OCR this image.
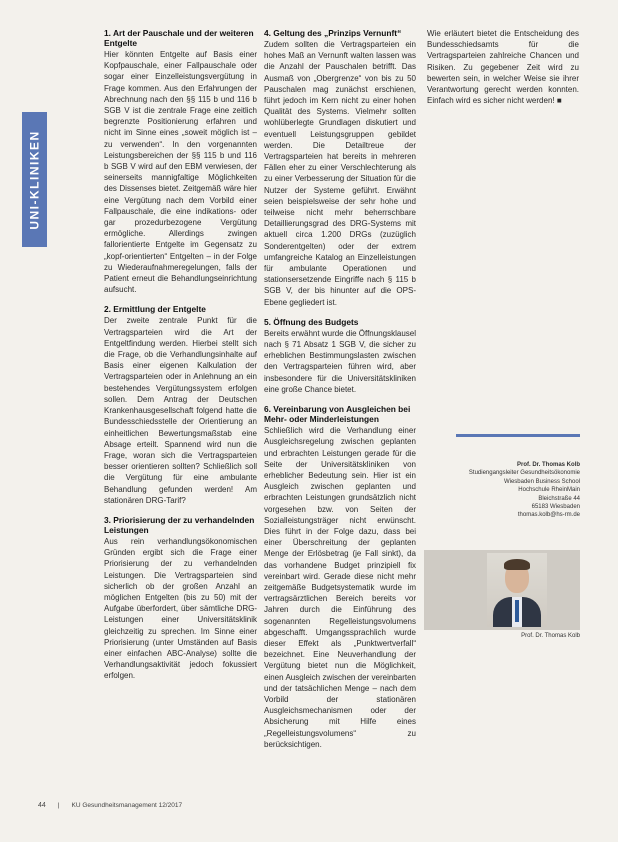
UNI-KLINIKEN
1. Art der Pauschale und der weiteren Entgelte

Hier könnten Entgelte auf Basis einer Kopfpauschale, einer Fallpauschale oder sogar einer Einzelleistungsvergütung in Frage kommen. Aus den Erfahrungen der Abrechnung nach den §§ 115 b und 116 b SGB V ist die zentrale Frage eine zeitlich begrenzte Positionierung erfahren und nicht im Sinne eines „soweit möglich ist – zu verwenden“. In den vorgenannten Leistungsbereichen der §§ 115 b und 116 b SGB V wird auf den EBM verwiesen, der seinerseits mannigfaltige Möglichkeiten des Dissenses bietet. Zeitgemäß wäre hier eine Vergütung nach dem Vorbild einer Fallpauschale, die eine indikations- oder gar prozedurbezogene Vergütung ermögliche. Allerdings zwingen fallorientierte Entgelte im Gegensatz zu „kopf-orientierten“ Entgelten – in der Folge zu Wiederaufnahmeregelungen, falls der Patient erneut die Behandlungseinrichtung aufsucht.

2. Ermittlung der Entgelte

Der zweite zentrale Punkt für die Vertragsparteien wird die Art der Entgeltfindung werden. Hierbei stellt sich die Frage, ob die Verhandlungsinhalte auf Basis einer eigenen Kalkulation der Vertragsparteien oder in Anlehnung an ein bestehendes Vergütungssystem erfolgen sollen. Dem Antrag der Deutschen Krankenhausgesellschaft folgend hatte die Bundesschiedsstelle der Orientierung an einheitlichen Bewertungsmaßstab eine Absage erteilt. Spannend wird nun die Frage, woran sich die Vertragsparteien besser orientieren sollten? Schließlich soll die Vergütung für eine ambulante Behandlung gefunden werden! Am stationären DRG-Tarif?

3. Priorisierung der zu verhandelnden Leistungen

Aus rein verhandlungsökonomischen Gründen ergibt sich die Frage einer Priorisierung der zu verhandelnden Leistungen. Die Vertragsparteien sind sicherlich ob der großen Anzahl an möglichen Entgelten (bis zu 50) mit der Aufgabe überfordert, über sämtliche DRG-Leistungen einer Universitätsklinik gleichzeitig zu sprechen. Im Sinne einer Priorisierung (unter Umständen auf Basis einer einfachen ABC-Analyse) sollte die Verhandlungsaktivität jedoch fokussiert erfolgen.

4. Geltung des „Prinzips Vernunft“

Zudem sollten die Vertragsparteien ein hohes Maß an Vernunft walten lassen was die Anzahl der Pauschalen betrifft. Das Ausmaß von „Obergrenze“ von bis zu 50 Pauschalen mag zunächst erschienen, führt jedoch im Kern nicht zu einer hohen Qualität des Systems. Vielmehr sollten wohlüberlegte Grundlagen diskutiert und eventuell Leistungsgruppen gebildet werden. Die Detailtreue der Vertragsparteien hat bereits in mehreren Fällen eher zu einer Verschlechterung als zu einer Verbesserung der Situation für die Nutzer der Systeme geführt. Erwähnt seien beispielsweise der sehr hohe und teilweise nicht mehr beherrschbare Detaillierungsgrad des DRG-Systems mit aktuell circa 1.200 DRGs (zuzüglich Sonderentgelten) oder der extrem umfangreiche Katalog an Einzelleistungen für ambulante Operationen und stationsersetzende Eingriffe nach § 115 b SGB V, der bis hinunter auf die OPS-Ebene gegliedert ist.

5. Öffnung des Budgets

Bereits erwähnt wurde die Öffnungsklausel nach § 71 Absatz 1 SGB V, die sicher zu erheblichen Bestimmungslasten zwischen den Vertragsparteien führen wird, aber insbesondere für die Universitätskliniken eine große Chance bietet.

6. Vereinbarung von Ausgleichen bei Mehr- oder Minderleistungen

Schließlich wird die Verhandlung einer Ausgleichsregelung zwischen geplanten und erbrachten Leistungen gerade für die Seite der Universitätskliniken von erheblicher Bedeutung sein. Hier ist ein Ausgleich zwischen geplanten und erbrachten Leistungen grundsätzlich nicht vorgesehen bzw. von Seiten der Sozialleistungsträger nicht erwünscht. Dies führt in der Folge dazu, dass bei einer Überschreitung der geplanten Menge der Erlösbetrag (je Fall sinkt), da das vorhandene Budget prinzipiell fix vereinbart wird. Gerade diese nicht mehr zeitgemäße Budgetsystematik wurde im vertragsärztlichen Bereich bereits vor Jahren durch die Einführung des sogenannten Regelleistungsvolumens abgeschafft. Umgangssprachlich wurde dieser Effekt als „Punktwertverfall“ bezeichnet. Eine Neuverhandlung der Vergütung bietet nun die Möglichkeit, einen Ausgleich zwischen der vereinbarten und der tatsächlichen Menge – nach dem Vorbild der stationären Ausgleichsmechanismen oder der Absicherung mit Hilfe eines „Regelleistungsvolumens“ zu berücksichtigen.

Wie erläutert bietet die Entscheidung des Bundesschiedsamts für die Vertragsparteien zahlreiche Chancen und Risiken. Zu gegebener Zeit wird zu bewerten sein, in welcher Weise sie ihrer Verantwortung gerecht werden konnten. Einfach wird es sicher nicht werden! ■

Prof. Dr. Thomas Kolb
Studiengangsleiter Gesundheitsökonomie
Wiesbaden Business School
Hochschule RheinMain
Bleichstraße 44
65183 Wiesbaden
thomas.kolb@hs-rm.de
Prof. Dr. Thomas Kolb
44 | KU Gesundheitsmanagement 12/2017
